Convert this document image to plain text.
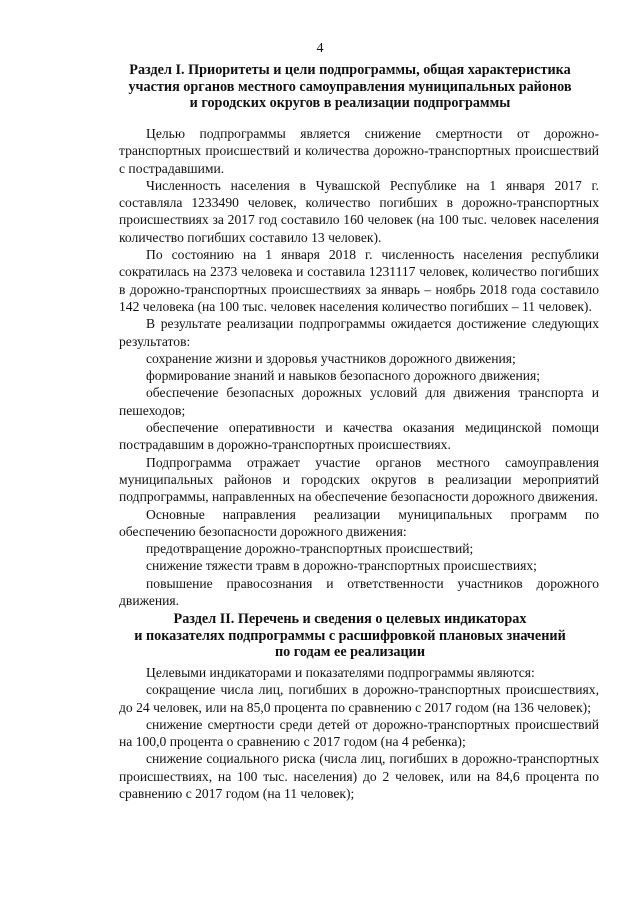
4
Раздел I. Приоритеты и цели подпрограммы, общая характеристика
участия органов местного самоуправления муниципальных районов
и городских округов в реализации подпрограммы

Целью подпрограммы является снижение смертности от дорожно-транспортных происшествий и количества дорожно-транспортных происшествий с пострадавшими.

Численность населения в Чувашской Республике на 1 января 2017 г. составляла 1233490 человек, количество погибших в дорожно-транспортных происшествиях за 2017 год составило 160 человек (на 100 тыс. человек населения количество погибших составило 13 человек).

По состоянию на 1 января 2018 г. численность населения республики сократилась на 2373 человека и составила 1231117 человек, количество погибших в дорожно-транспортных происшествиях за январь – ноябрь 2018 года составило 142 человека (на 100 тыс. человек населения количество погибших – 11 человек).

В результате реализации подпрограммы ожидается достижение следующих результатов:

сохранение жизни и здоровья участников дорожного движения;

формирование знаний и навыков безопасного дорожного движения;

обеспечение безопасных дорожных условий для движения транспорта и пешеходов;

обеспечение оперативности и качества оказания медицинской помощи пострадавшим в дорожно-транспортных происшествиях.

Подпрограмма отражает участие органов местного самоуправления муниципальных районов и городских округов в реализации мероприятий подпрограммы, направленных на обеспечение безопасности дорожного движения.

Основные направления реализации муниципальных программ по обеспечению безопасности дорожного движения:

предотвращение дорожно-транспортных происшествий;

снижение тяжести травм в дорожно-транспортных происшествиях;

повышение правосознания и ответственности участников дорожного движения.

Раздел II. Перечень и сведения о целевых индикаторах
и показателях подпрограммы с расшифровкой плановых значений
по годам ее реализации

Целевыми индикаторами и показателями подпрограммы являются:

сокращение числа лиц, погибших в дорожно-транспортных происшествиях, до 24 человек, или на 85,0 процента по сравнению с 2017 годом (на 136 человек);

снижение смертности среди детей от дорожно-транспортных происшествий на 100,0 процента о сравнению с 2017 годом (на 4 ребенка);

снижение социального риска (числа лиц, погибших в дорожно-транспортных происшествиях, на 100 тыс. населения) до 2 человек, или на 84,6 процента по сравнению с 2017 годом (на 11 человек);
